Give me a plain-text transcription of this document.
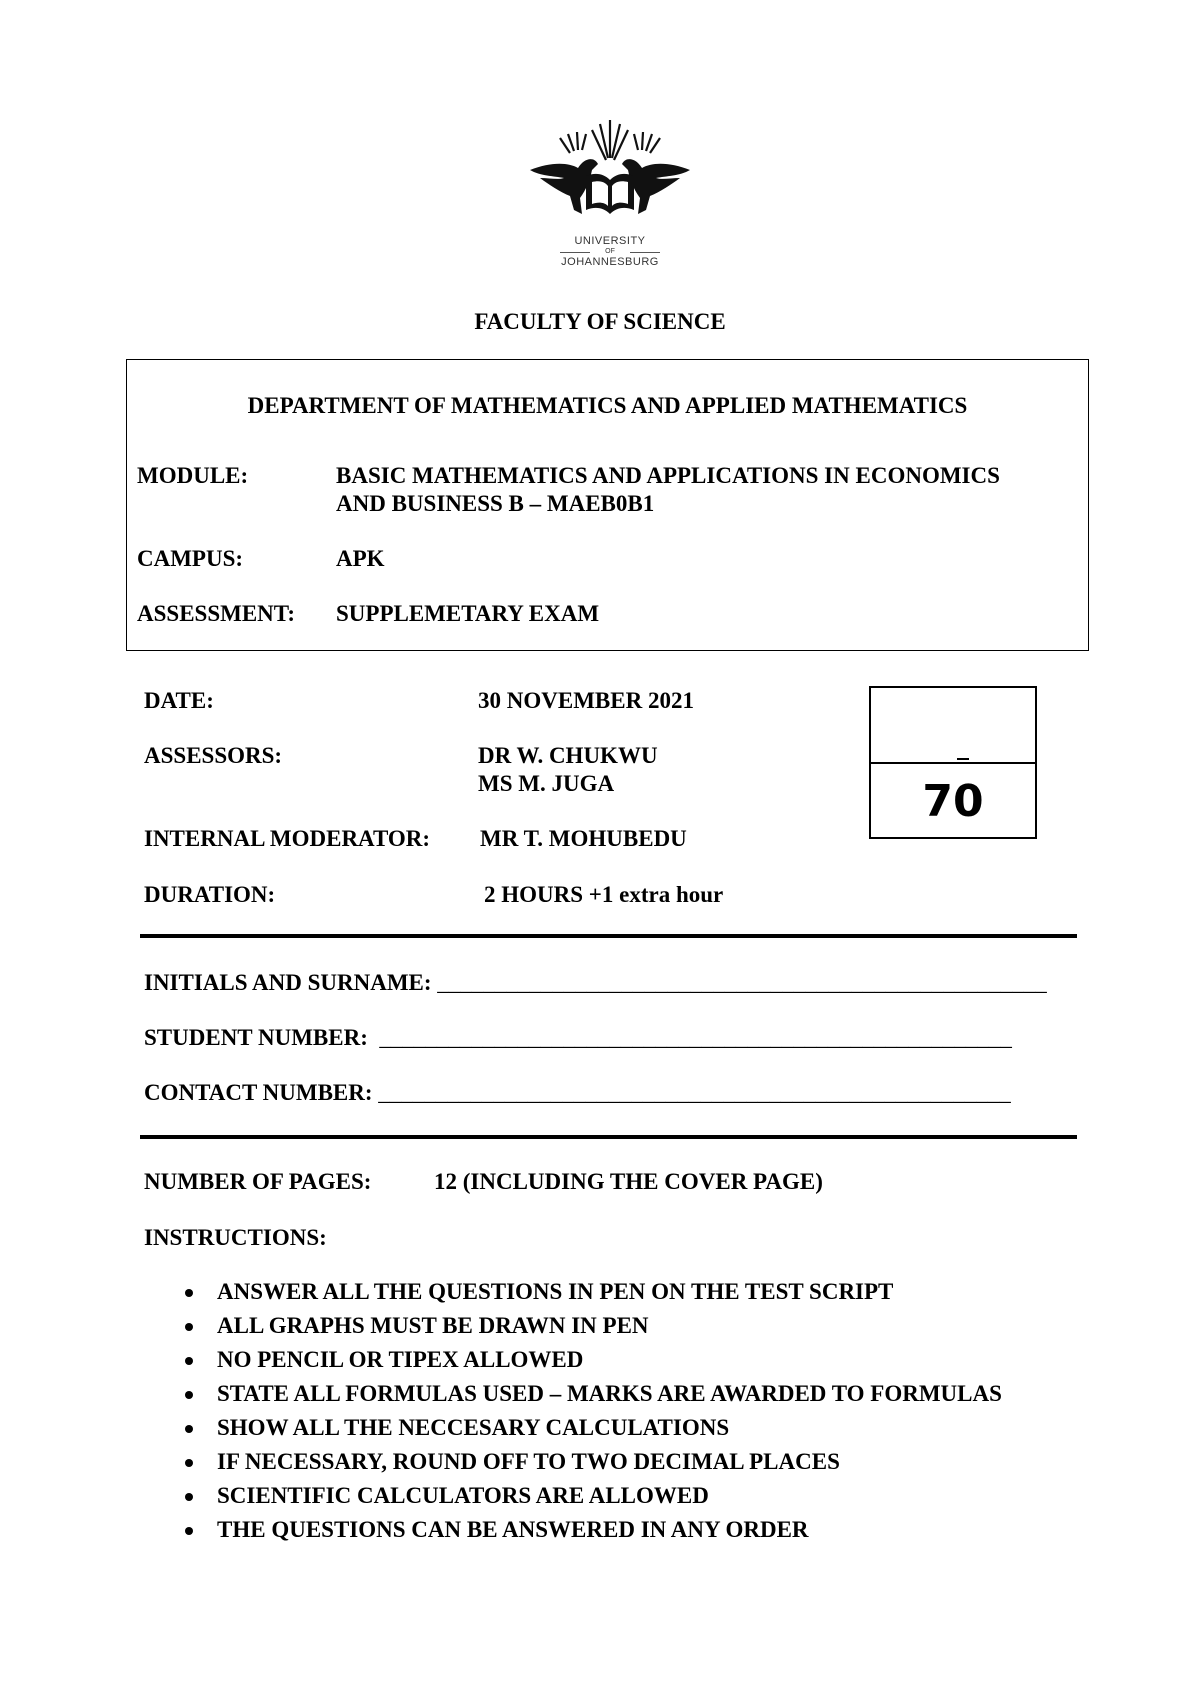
UNIVERSITY
OF
JOHANNESBURG
FACULTY OF SCIENCE
DEPARTMENT OF MATHEMATICS AND APPLIED MATHEMATICS
MODULE:	BASIC MATHEMATICS AND APPLICATIONS IN ECONOMICS
AND BUSINESS B – MAEB0B1
CAMPUS:	APK
ASSESSMENT: SUPPLEMETARY EXAM
DATE:	30 NOVEMBER 2021
ASSESSORS:	DR W. CHUKWU
MS M. JUGA
INTERNAL MODERATOR: MR T. MOHUBEDU
DURATION:	2 HOURS +1 extra hour
70
INITIALS AND SURNAME: _____________________________________________________
STUDENT NUMBER: _______________________________________________________
CONTACT NUMBER: _______________________________________________________
NUMBER OF PAGES:	12 (INCLUDING THE COVER PAGE)
INSTRUCTIONS:
ANSWER ALL THE QUESTIONS IN PEN ON THE TEST SCRIPT
ALL GRAPHS MUST BE DRAWN IN PEN
NO PENCIL OR TIPEX ALLOWED
STATE ALL FORMULAS USED – MARKS ARE AWARDED TO FORMULAS
SHOW ALL THE NECCESARY CALCULATIONS
IF NECESSARY, ROUND OFF TO TWO DECIMAL PLACES
SCIENTIFIC CALCULATORS ARE ALLOWED
THE QUESTIONS CAN BE ANSWERED IN ANY ORDER
